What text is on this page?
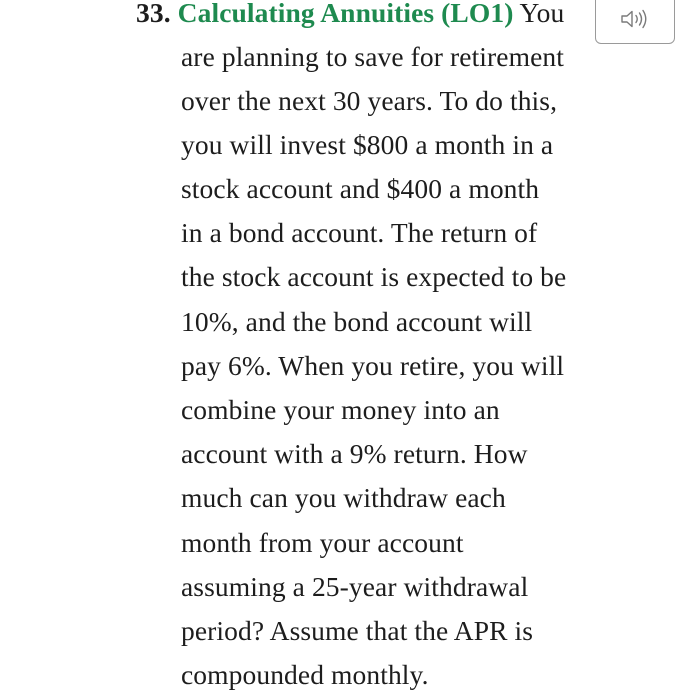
33. Calculating Annuities (LO1) You
are planning to save for retirement
over the next 30 years. To do this,
you will invest $800 a month in a
stock account and $400 a month
in a bond account. The return of
the stock account is expected to be
10%, and the bond account will
pay 6%. When you retire, you will
combine your money into an
account with a 9% return. How
much can you withdraw each
month from your account
assuming a 25-year withdrawal
period? Assume that the APR is
compounded monthly.
